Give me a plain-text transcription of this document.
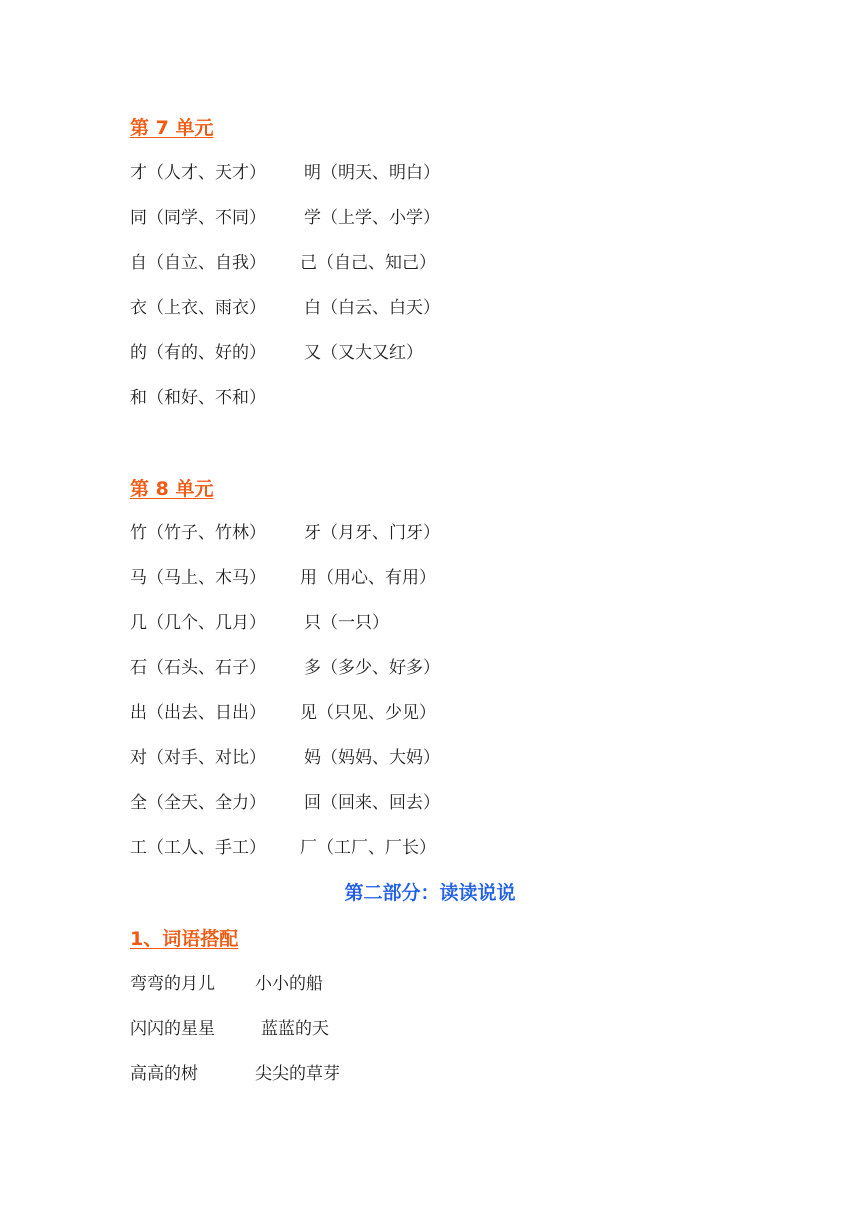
第 7 单元
才（人才、天才） 明（明天、明白）
同（同学、不同） 学（上学、小学）
自（自立、自我） 己（自己、知己）
衣（上衣、雨衣） 白（白云、白天）
的（有的、好的） 又（又大又红）
和（和好、不和）
第 8 单元
竹（竹子、竹林） 牙（月牙、门牙）
马（马上、木马） 用（用心、有用）
几（几个、几月） 只（一只）
石（石头、石子） 多（多少、好多）
出（出去、日出） 见（只见、少见）
对（对手、对比） 妈（妈妈、大妈）
全（全天、全力） 回（回来、回去）
工（工人、手工） 厂（工厂、厂长）
第二部分：读读说说
1、词语搭配
弯弯的月儿 小小的船
闪闪的星星	蓝蓝的天
高高的树	尖尖的草芽
